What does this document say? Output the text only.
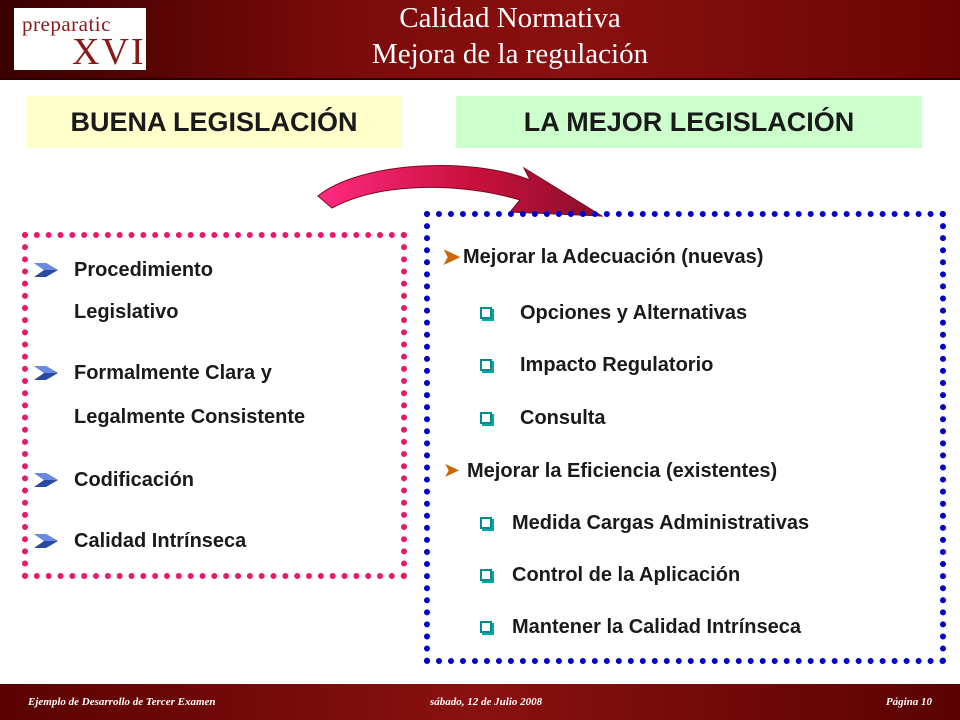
preparatic
XVI
Calidad Normativa
Mejora de la regulación
BUENA LEGISLACIÓN	LA MEJOR LEGISLACIÓN
Procedimiento
Legislativo
Formalmente Clara y
Legalmente Consistente
Codificación
Calidad Intrínseca
➤ Mejorar la Adecuación (nuevas)
Opciones y Alternativas
Impacto Regulatorio
Consulta
➤ Mejorar la Eficiencia (existentes)
Medida Cargas Administrativas
Control de la Aplicación
Mantener la Calidad Intrínseca
Ejemplo de Desarrollo de Tercer Examen	sábado, 12 de Julio 2008	Página 10
